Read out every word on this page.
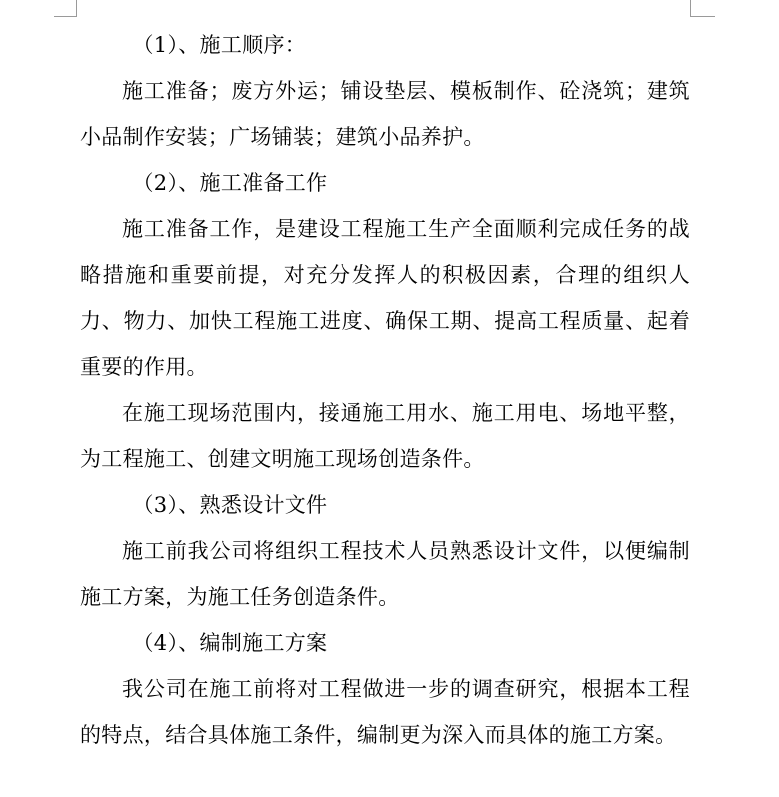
（1）、施工顺序：

施工准备；废方外运；铺设垫层、模板制作、砼浇筑；建筑小品制作安装；广场铺装；建筑小品养护。

（2）、施工准备工作

施工准备工作，是建设工程施工生产全面顺利完成任务的战略措施和重要前提，对充分发挥人的积极因素，合理的组织人力、物力、加快工程施工进度、确保工期、提高工程质量、起着重要的作用。

在施工现场范围内，接通施工用水、施工用电、场地平整，为工程施工、创建文明施工现场创造条件。

（3）、熟悉设计文件

施工前我公司将组织工程技术人员熟悉设计文件，以便编制施工方案，为施工任务创造条件。

（4）、编制施工方案

我公司在施工前将对工程做进一步的调查研究，根据本工程的特点，结合具体施工条件，编制更为深入而具体的施工方案。
